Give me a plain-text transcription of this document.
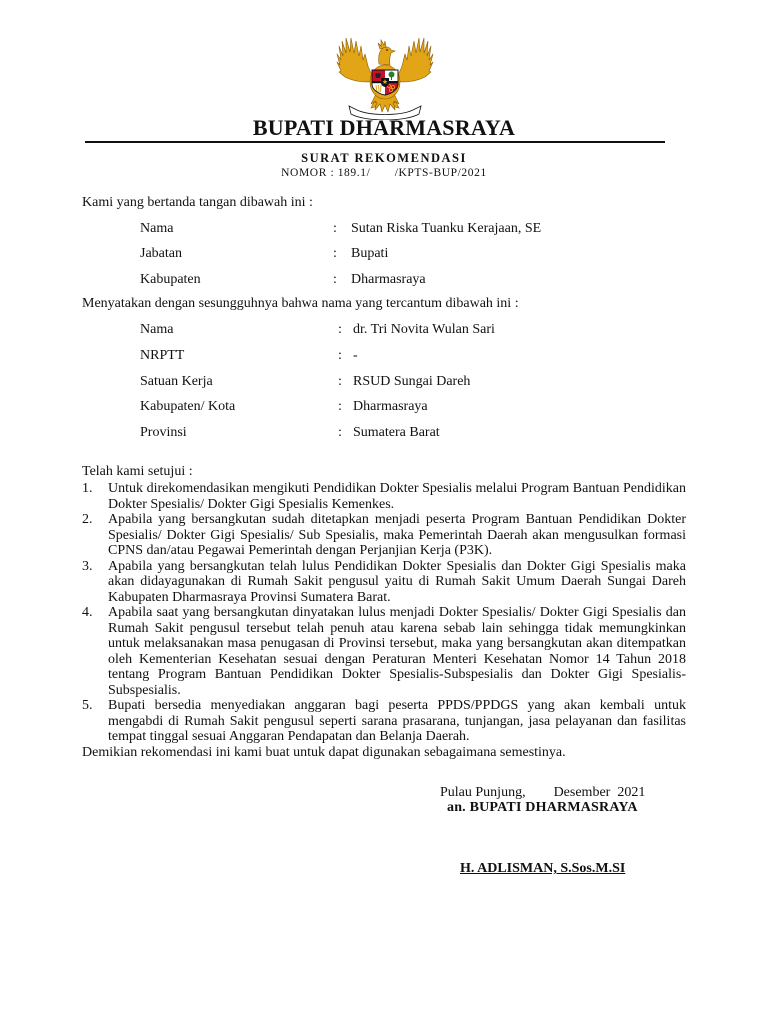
BUPATI DHARMASRAYA
SURAT REKOMENDASI
NOMOR : 189.1/       /KPTS-BUP/2021
Kami yang bertanda tangan dibawah ini :
Nama	: Sutan Riska Tuanku Kerajaan, SE
Jabatan	: Bupati
Kabupaten	: Dharmasraya
Menyatakan dengan sesungguhnya bahwa nama yang tercantum dibawah ini :
Nama	: dr. Tri Novita Wulan Sari
NRPTT	: -
Satuan Kerja	: RSUD Sungai Dareh
Kabupaten/ Kota	: Dharmasraya
Provinsi	: Sumatera Barat
Telah kami setujui :
1.	Untuk direkomendasikan mengikuti Pendidikan Dokter Spesialis melalui Program Bantuan Pendidikan Dokter Spesialis/ Dokter Gigi Spesialis Kemenkes.
2.	Apabila yang bersangkutan sudah ditetapkan menjadi peserta Program Bantuan Pendidikan Dokter Spesialis/ Dokter Gigi Spesialis/ Sub Spesialis, maka Pemerintah Daerah akan mengusulkan formasi CPNS dan/atau Pegawai Pemerintah dengan Perjanjian Kerja (P3K).
3.	Apabila yang bersangkutan telah lulus Pendidikan Dokter Spesialis dan Dokter Gigi Spesialis maka akan didayagunakan di Rumah Sakit pengusul yaitu di Rumah Sakit Umum Daerah Sungai Dareh Kabupaten Dharmasraya Provinsi Sumatera Barat.
4.	Apabila saat yang bersangkutan dinyatakan lulus menjadi Dokter Spesialis/ Dokter Gigi Spesialis dan Rumah Sakit pengusul tersebut telah penuh atau karena sebab lain sehingga tidak memungkinkan untuk melaksanakan masa penugasan di Provinsi tersebut, maka yang bersangkutan akan ditempatkan oleh Kementerian Kesehatan sesuai dengan Peraturan Menteri Kesehatan Nomor 14 Tahun 2018 tentang Program Bantuan Pendidikan Dokter Spesialis-Subspesialis dan Dokter Gigi Spesialis-Subspesialis.
5.	Bupati bersedia menyediakan anggaran bagi peserta PPDS/PPDGS yang akan kembali untuk mengabdi di Rumah Sakit pengusul seperti sarana prasarana, tunjangan, jasa pelayanan dan fasilitas tempat tinggal sesuai Anggaran Pendapatan dan Belanja Daerah.

Demikian rekomendasi ini kami buat untuk dapat digunakan sebagaimana semestinya.

Pulau Punjung,        Desember  2021
an. BUPATI DHARMASRAYA
H. ADLISMAN, S.Sos.M.SI
